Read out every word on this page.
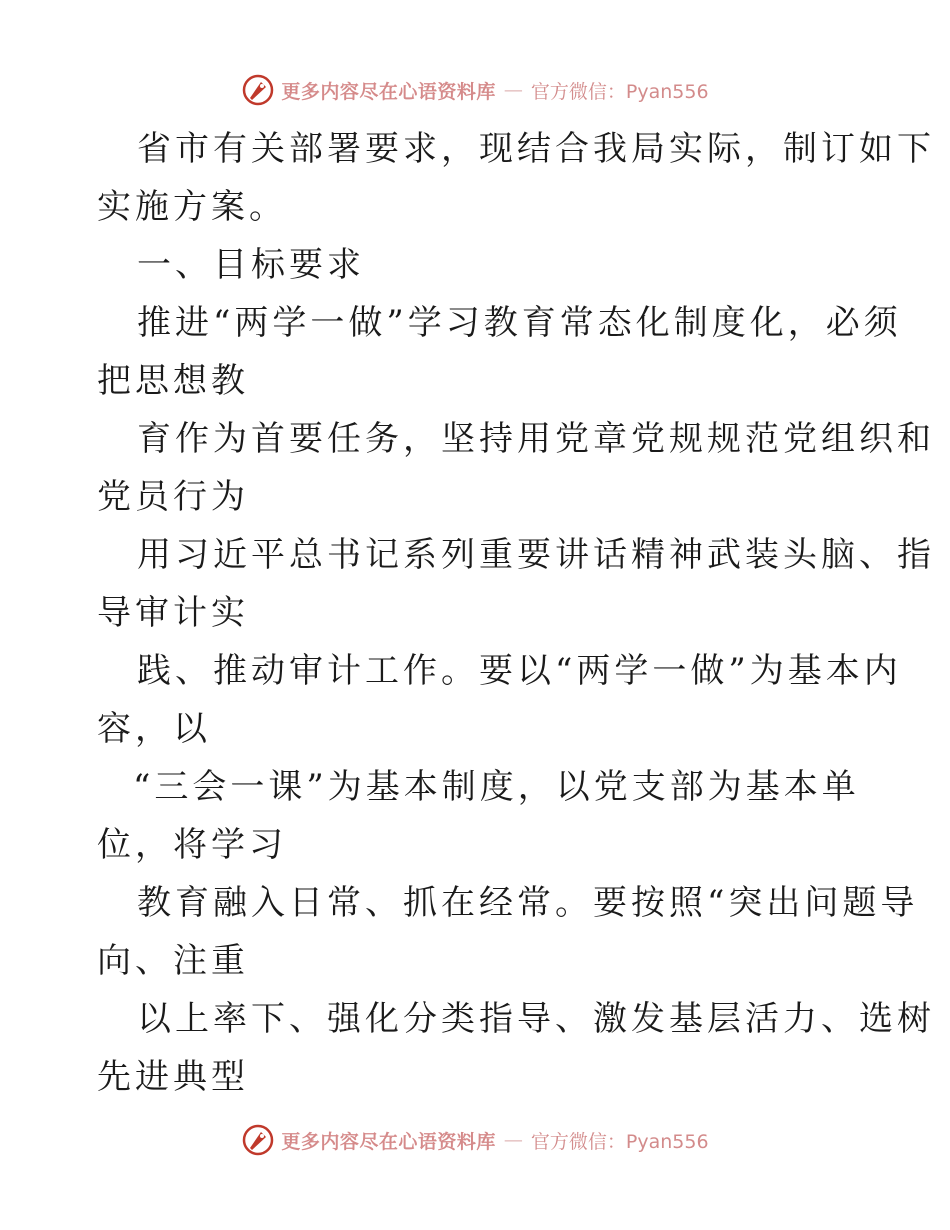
更多内容尽在心语资料库 — 官方微信：Pyan556
省市有关部署要求，现结合我局实际，制订如下
实施方案。
一、目标要求
推进“两学一做”学习教育常态化制度化，必须
把思想教
育作为首要任务，坚持用党章党规规范党组织和
党员行为
用习近平总书记系列重要讲话精神武装头脑、指
导审计实
践、推动审计工作。要以“两学一做”为基本内
容，以
“三会一课”为基本制度，以党支部为基本单
位，将学习
教育融入日常、抓在经常。要按照“突出问题导
向、注重
以上率下、强化分类指导、激发基层活力、选树
先进典型
更多内容尽在心语资料库 — 官方微信：Pyan556
